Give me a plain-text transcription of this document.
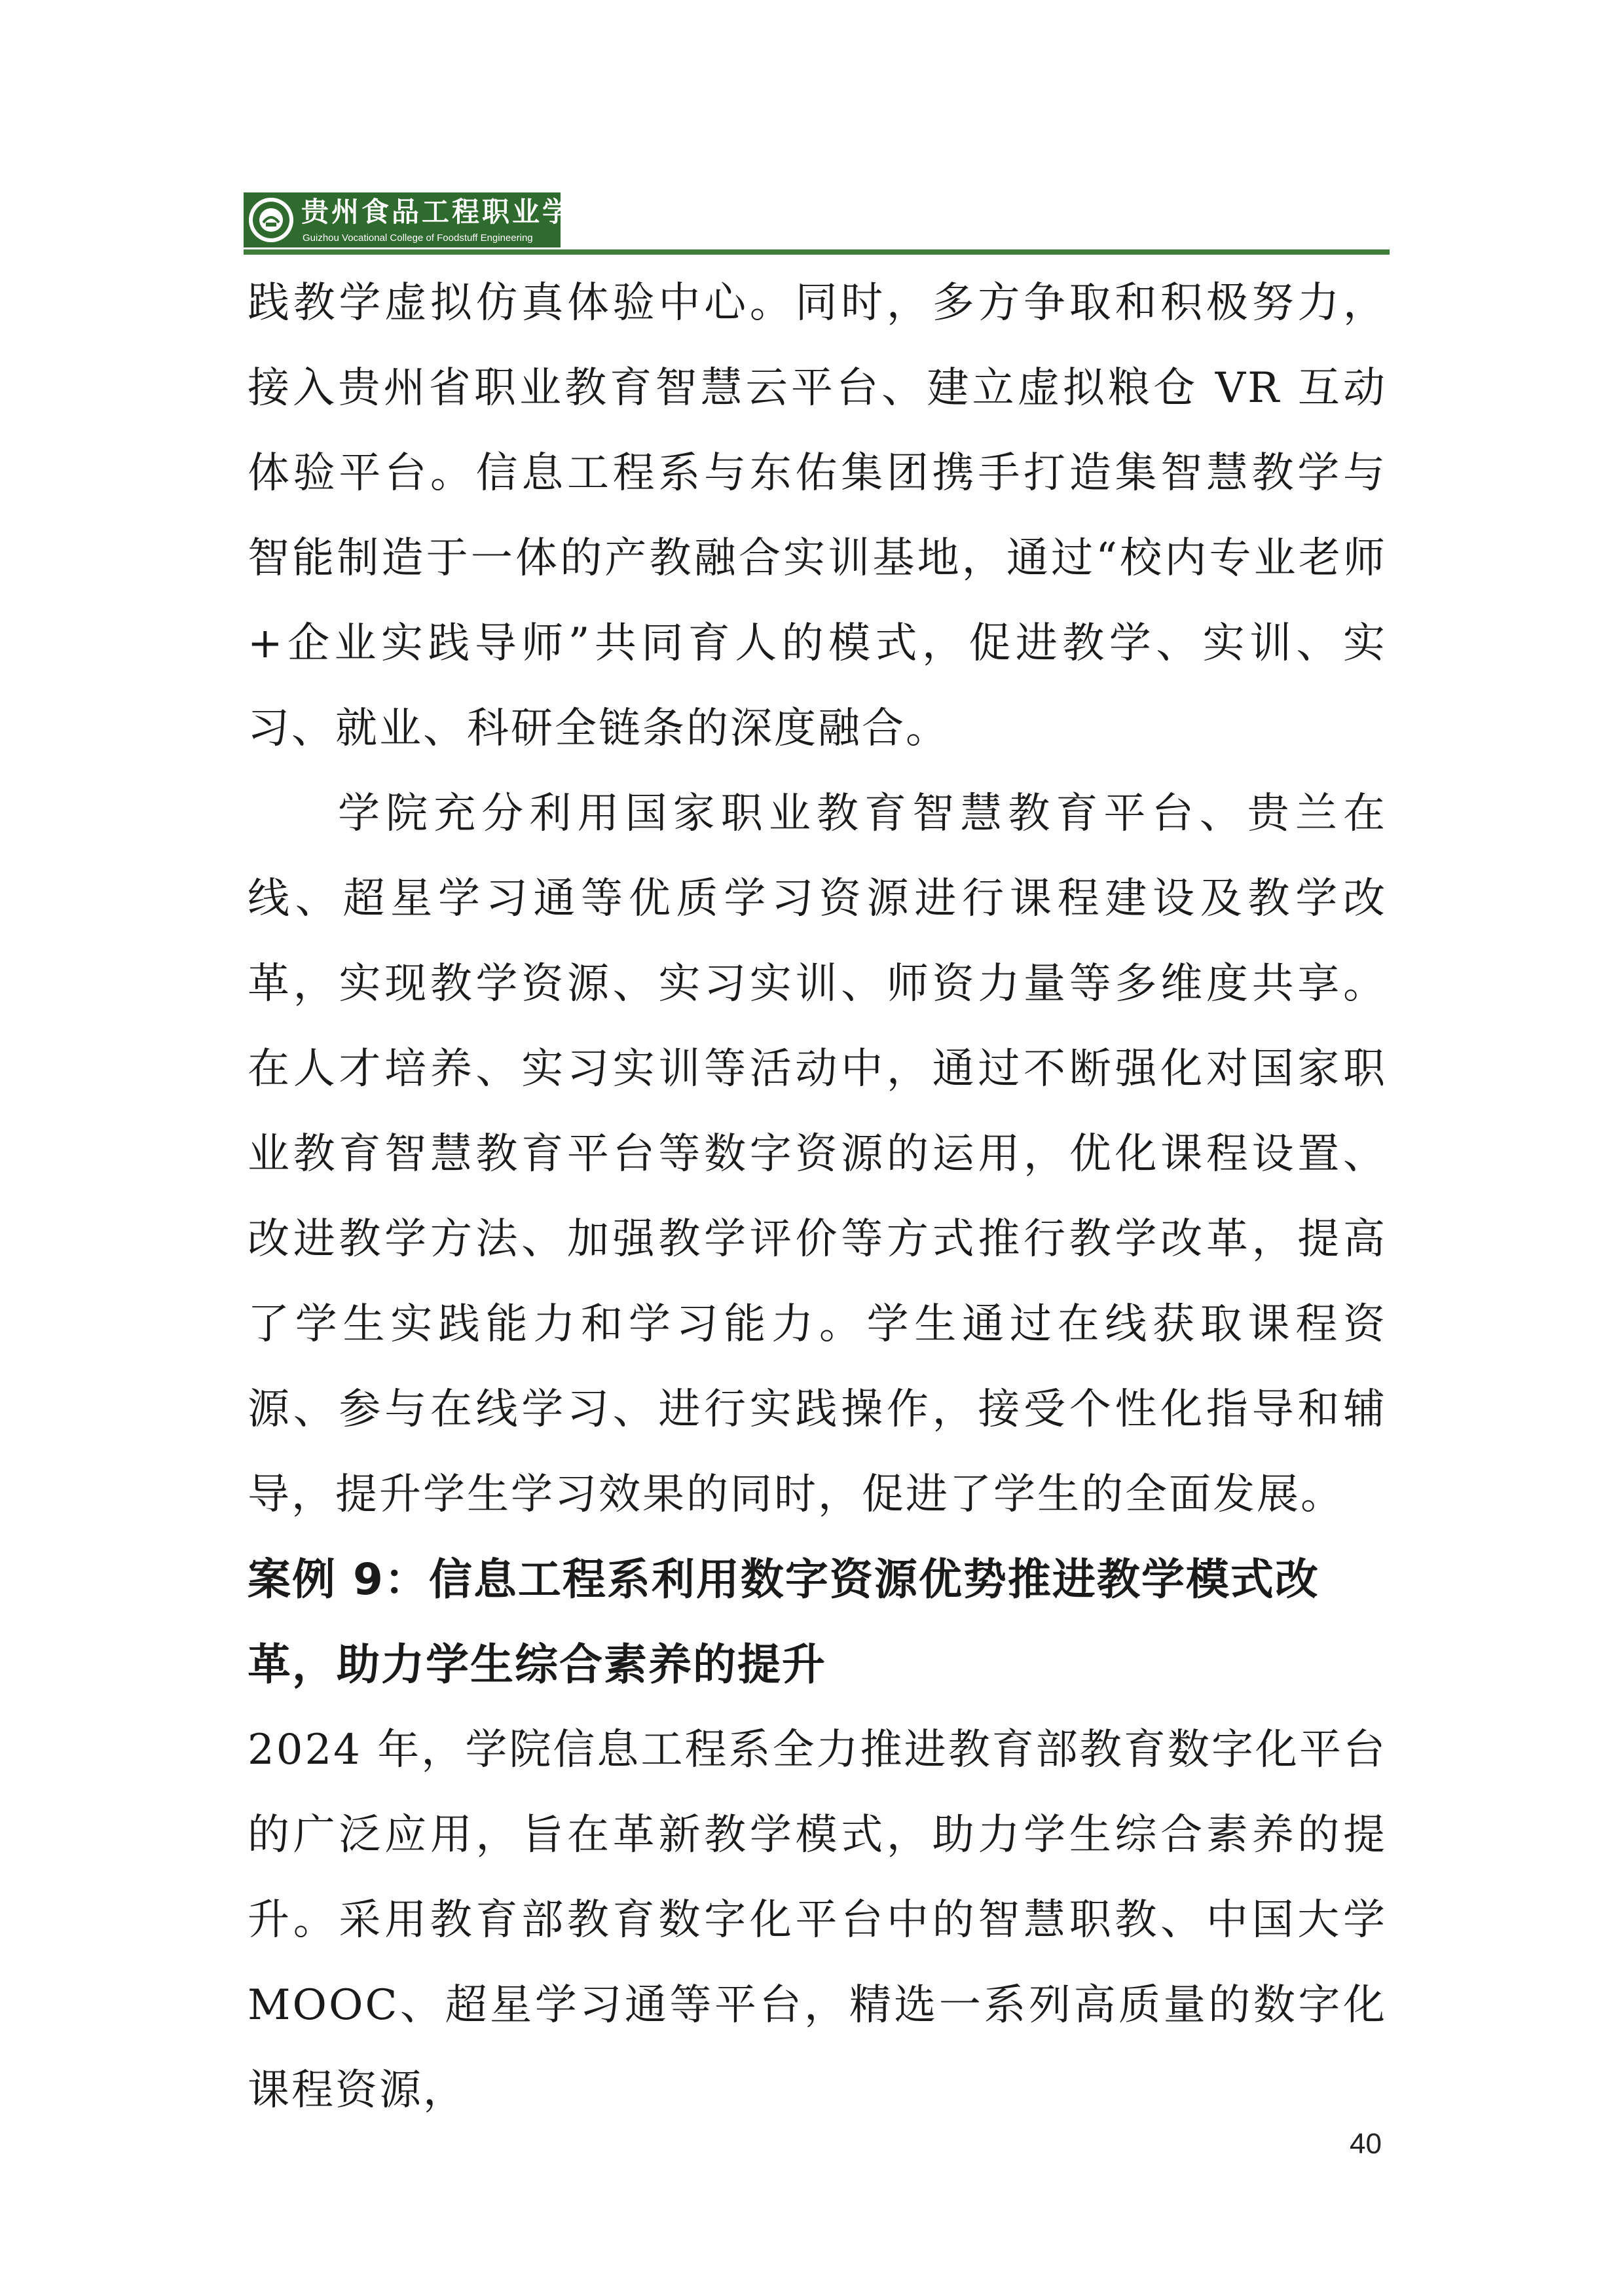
贵州食品工程职业学院
Guizhou Vocational College of Foodstuff Engineering

践教学虚拟仿真体验中心。同时，多方争取和积极努力，接入贵州省职业教育智慧云平台、建立虚拟粮仓 VR 互动体验平台。信息工程系与东佑集团携手打造集智慧教学与智能制造于一体的产教融合实训基地，通过“校内专业老师+企业实践导师”共同育人的模式，促进教学、实训、实习、就业、科研全链条的深度融合。

学院充分利用国家职业教育智慧教育平台、贵兰在线、超星学习通等优质学习资源进行课程建设及教学改革，实现教学资源、实习实训、师资力量等多维度共享。在人才培养、实习实训等活动中，通过不断强化对国家职业教育智慧教育平台等数字资源的运用，优化课程设置、改进教学方法、加强教学评价等方式推行教学改革，提高了学生实践能力和学习能力。学生通过在线获取课程资源、参与在线学习、进行实践操作，接受个性化指导和辅导，提升学生学习效果的同时，促进了学生的全面发展。

案例 9：信息工程系利用数字资源优势推进教学模式改革，助力学生综合素养的提升

2024 年，学院信息工程系全力推进教育部教育数字化平台的广泛应用，旨在革新教学模式，助力学生综合素养的提升。采用教育部教育数字化平台中的智慧职教、中国大学 MOOC、超星学习通等平台，精选一系列高质量的数字化课程资源，

40
